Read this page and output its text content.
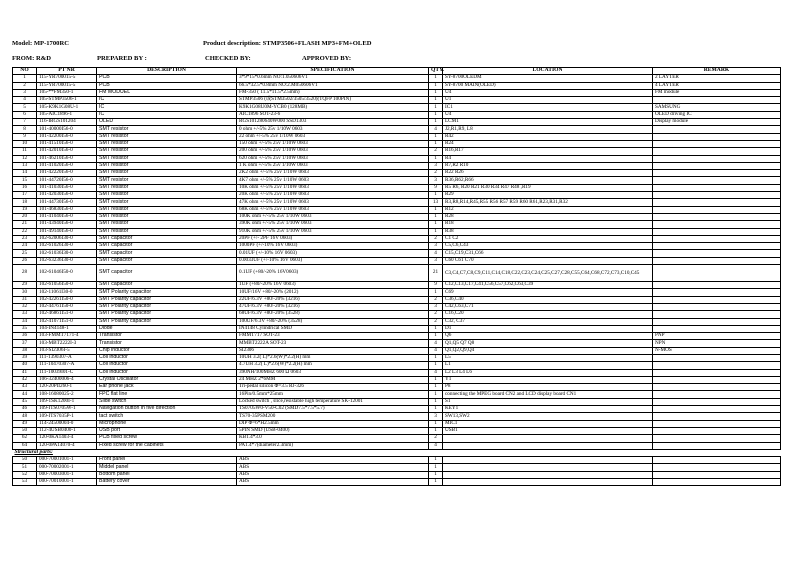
Model: MP-1700RC	Product description: STMP3506+FLASH MP3+FM+OLED
FROM: R&D	PREPARED BY :	CHECKED BY:	APPROVED BY:
NO	PT NR	DESCRIPTION	SPECIFICATION	QTY.	LOCATION	REMARK
1	115-YR700015-5	PCB	3*9*15*0.6mm NO:1.050606V1	1	SY-8700OLEDM	2 LAYTER
2	115-YR700015-5	PCB	66.5*32.5*0.8mm NO:2.M050606V1	1	SY-8700 MAIN(OLED)	4 LAYTER
3	105-**FM350-1	FM MODUEL	FM-350 ( 11.5*11.5*2.5mm)	1	U4	FM module
4	105-STMP3506-1	IC	STMP3506 (或STM3502/3505/3520)(TQFP 100PIN)	1	U1	
5	105-K9K1G08U-1	IC	K9K1G08U0M-YCB0 (128MB)	1	IC1	SAMSUNG
6	105-AIC1896-1	IC	AIC1896 SOT-23-6	1	U4	OLED driving IC
7	116-IRGS101204	OLED	RGS101280640W000 SSD1303	1	LCM1	Display module
8	101-40000I56-0	SMT resistor	0 ohm +/-5% 25v 1/10W 0603	4	J2,R1,R9, L8	
9	101-42200I56-0	SMT resistor	22 ohm +/-5% 25v 1/10W 0603	1	R42	
10	101-41510I56-0	SMT resistor	150 ohm +/-5% 25v 1/10W 0603	1	R24	
11	101-42010I56-0	SMT resistor	200 ohm +/-5% 25v 1/10W 0603	2	R16,R17	
12	101-46210I56-0	SMT resistor	620 ohm +/-5% 25v 1/10W 0603	1	R4	
13	101-41020I56-0	SMT resistor	1 K ohm +/-5% 25v 1/10W 0603	3	R7,R2 R10	
14	101-42220I56-0	SMT resistor	2K2 ohm +/-5% 25v 1/10W 0603	2	R22 R26	
15	101-44720I56-0	SMT resistor	4K7 ohm +/-5% 25v 1/10W 0603	3	R36,R62,R66	
16	101-41030I56-0	SMT resistor	10K ohm +/-5% 25v 1/10W 0603	9	R5 R6, R20 R21 R30 R34 R47 R48 ,R19	
17	101-42030I56-0	SMT resistor	20K ohm +/-5% 25v 1/10W 0603	1	R29	
18	101-44730I56-0	SMT resistor	47K ohm +/-5% 25v 1/10W 0603	13	R3,R8,R14,R45,R55 R56 R57 R59 R60 R61,R23,R31,R32	
19	101-46830I56-0	SMT resistor	68K ohm +/-5% 25v 1/10W 0603	1	R12	
20	101-41040I56-0	SMT resistor	100K ohm +/-5% 25v 1/10W 0603	1	R28	
21	101-43940I56-0	SMT resistor	390K ohm +/-5% 25v 1/10W 0603	1	R18	
22	101-49140I56-0	SMT resistor	910K ohm +/-5% 25v 1/10W 0603	1	R38	
23	102-62006I30-0	SMT capacitor	20PF (+/- 2PF 16V 0603)	2	C1 C2	
24	102-61026I30-0	SMT capacitor	1000PF (+/-10% 16V 0603)	3	C5,C6,C43	
25	102-61036I30-0	SMT capacitor	0.01UF (+/-10% 16V 0603)	4	C15,C19,C31,C66	
26	102-63236I30-0	SMT capacitor	0.0033UF (+/-10% 16V 0603)	3	C60 C61 C70	
28	102-61046I50-0	SMT capacitor	0.1UF (+80/-20% 16V0603)	21	C3,C4,C7,C8,C9,C11,C14,C18,C22,C23,C24,C25,C27,C28,C55,C64,C68,C72,C73,C10,C45	
29	102-61056I50-0	SMT capacitor	1UF (+80/-20% 16V 0603)	9	C12,C13,C17,C41,C56,C57,C62,C63,C39	
30	102-11061I30-0	SMT Polarity capacitor	10UF/16V +80/-20% (2012)	1	C69	
31	102-42261I50-0	SMT Polarity capacitor	22UF/6.3V +80/-20% (3216)	2	C36,C40	
32	102-44761I50-0	SMT Polarity capacitor	47UF/6.3V +80/-20% (3216)	3	C42,C63,C71	
33	102-46861I51-0	SMT Polarity capacitor	68UF/6.3V +80/-20% (3528)	2	C16,C20	
34	102-41071I51-0	SMT Polarity capacitor	100UF/6.3V +80/-20% (3528)	2	C32, C37	
35	104-IN4148-1	Diode	IN4148 Cylindrical SMD	1	D1	
36	103-FMMT7171-4	Transistor	FMMT717 SOT-23	1	Q6	PNP
37	103-MBT2222I-3	Transistor	MMBT2222A SOT-23	4	Q1,Q5 Q7 Q8	NPN
38	103-SI2306I-5	Chip inductor	SI2306	4	Q1,Q2,Q9,Q4	N-MOS
39	111-1390307-A	Coil inductor	10UH 3.2( L)*2.6(W)*2.2(H) mm	1	L5	
40	111-10470307-A	Coil inductor	4.7UH 3.2( L)*2.6(W)*2.2(H) mm	1	L1	
41	111-10039I01-C	Coil inductor	390NH/100MHZ 600 Ω 0603	4	L2 L3 L4 L6	
42	106-32400006-4	Crystal Oscillator	24 MHZ 2*6MM	1	Y1	
43	120-20PII260-1	Ear phone jack	Tri-pedal silicon Φ=3.5 RJ-326	1	P8	
44	108-16080025-2	FPC flat line	16Pin/0.5mm*25mm	1	connecting the MPEG board CN2 and LCD display board CN1	
45	109-1SK1200I-1	Slide switch	Locked switch , slice,resistable high temperature SK-12001	1	S1	
46	109-ITS0705W-1	Navigation button in five direction	TS0705W0-V50-C02 (SMD7.5*7.5*5.7)	1	KEY1	
48	109-ITS7035P-1	tact switch	TS70-35PSM200	3	SW13,SW2	
49	114-24500004-0	Microphone	DIP Φ=6*H2.5mm	1	MIC1	
50	112-4USB0400-1	USB port	5PIN SMD (USB-0400)	1	USB1	
62	120-0KA1403-4	PCB fixed screw	KB1.4*3.0	2		
64	120-0PA14070-4	Fixed screw for the cabinets	PA1.4*7(diameter2.3mm)	4		
Structural parts:						
50	000-70001001-1	Front panel	ABS	1		
51	000-70002001-1	Middel panel	ABS	1		
52	000-70003001-1	Bottom panel	ABS	1		
53	000-70010001-1	Battery cover	ABS	1		
